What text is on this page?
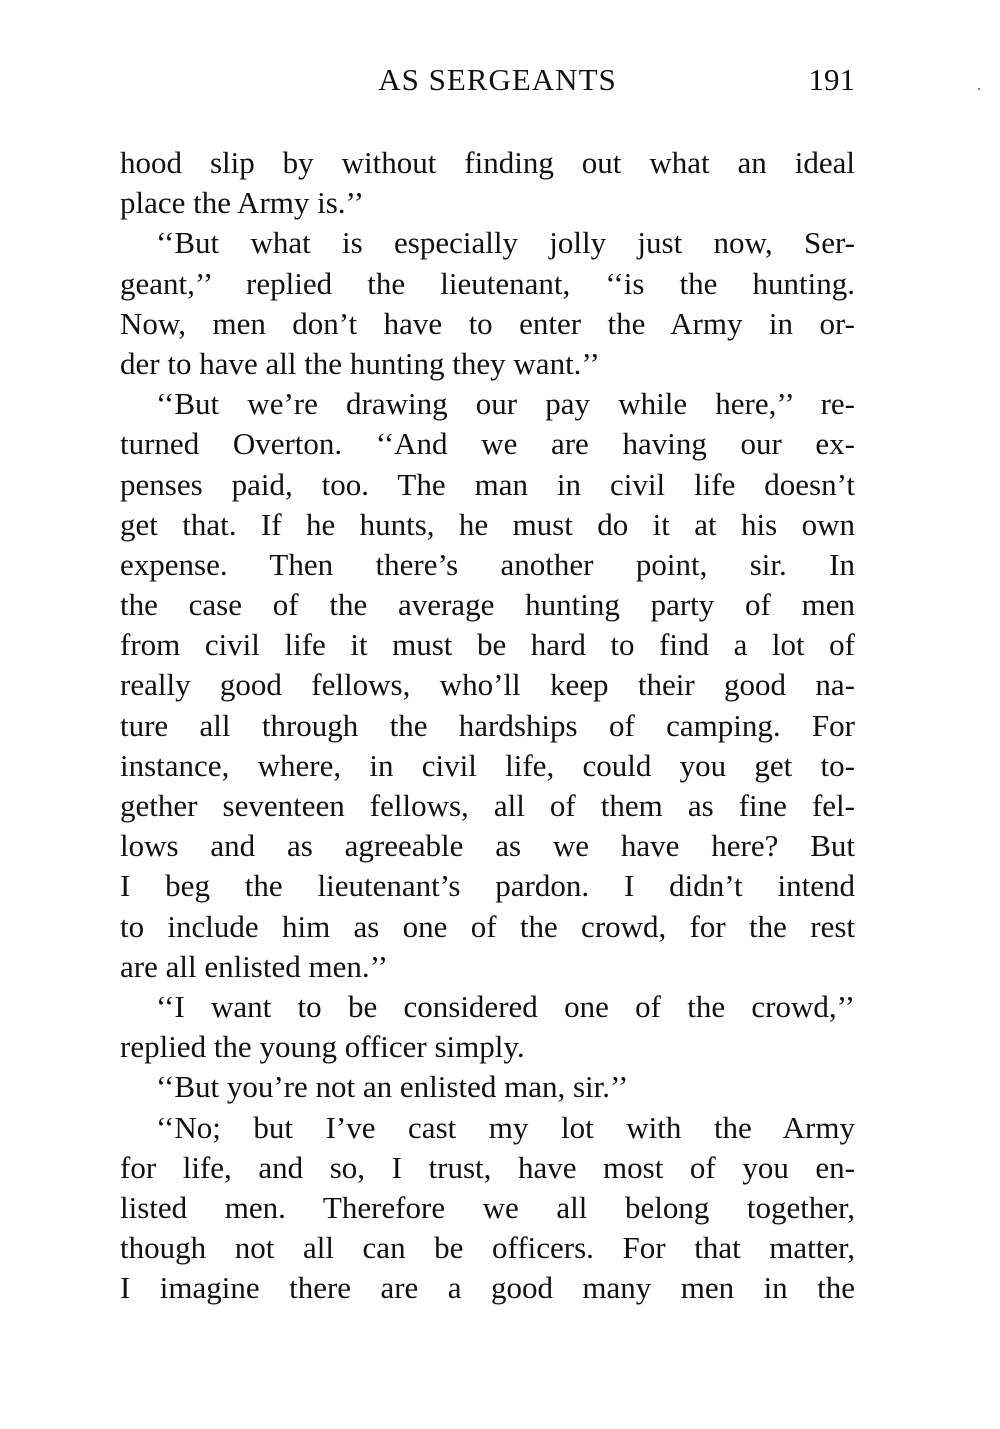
AS SERGEANTS	191
hood slip by without finding out what an ideal
place the Army is.’’
‘‘But what is especially jolly just now, Ser-
geant,’’ replied the lieutenant, ‘‘is the hunting.
Now, men don’t have to enter the Army in or-
der to have all the hunting they want.’’
‘‘But we’re drawing our pay while here,’’ re-
turned Overton. ‘‘And we are having our ex-
penses paid, too. The man in civil life doesn’t
get that. If he hunts, he must do it at his own
expense. Then there’s another point, sir. In
the case of the average hunting party of men
from civil life it must be hard to find a lot of
really good fellows, who’ll keep their good na-
ture all through the hardships of camping. For
instance, where, in civil life, could you get to-
gether seventeen fellows, all of them as fine fel-
lows and as agreeable as we have here? But
I beg the lieutenant’s pardon. I didn’t intend
to include him as one of the crowd, for the rest
are all enlisted men.’’
‘‘I want to be considered one of the crowd,’’
replied the young officer simply.
‘‘But you’re not an enlisted man, sir.’’
‘‘No; but I’ve cast my lot with the Army
for life, and so, I trust, have most of you en-
listed men. Therefore we all belong together,
though not all can be officers. For that matter,
I imagine there are a good many men in the
